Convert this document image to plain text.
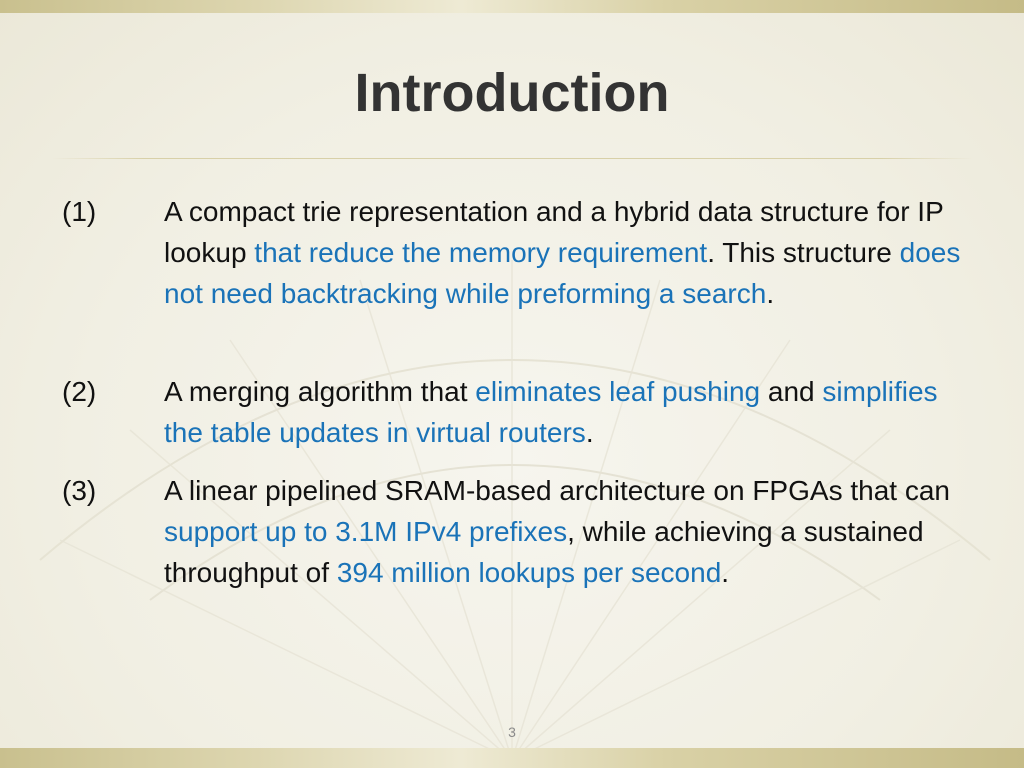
Introduction
(1) A compact trie representation and a hybrid data structure for IP lookup that reduce the memory requirement. This structure does not need backtracking while preforming a search.
(2) A merging algorithm that eliminates leaf pushing and simplifies the table updates in virtual routers.
(3) A linear pipelined SRAM-based architecture on FPGAs that can support up to 3.1M IPv4 prefixes, while achieving a sustained throughput of 394 million lookups per second.
3
